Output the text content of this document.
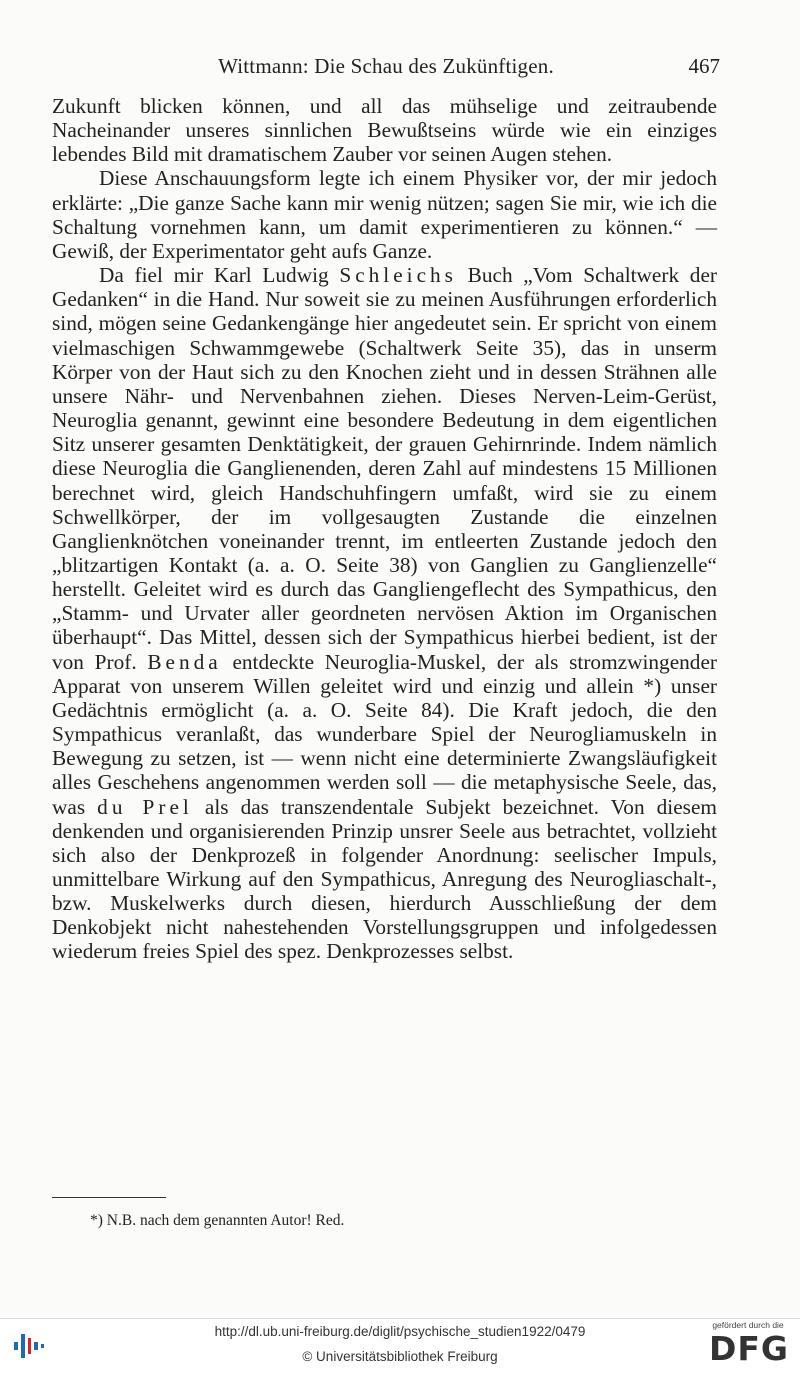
Wittmann: Die Schau des Zukünftigen.	467

Zukunft blicken können, und all das mühselige und zeitraubende Nacheinander unseres sinnlichen Bewußtseins würde wie ein einziges lebendes Bild mit dramatischem Zauber vor seinen Augen stehen.

Diese Anschauungsform legte ich einem Physiker vor, der mir jedoch erklärte: „Die ganze Sache kann mir wenig nützen; sagen Sie mir, wie ich die Schaltung vornehmen kann, um damit experimentieren zu können.“ — Gewiß, der Experimentator geht aufs Ganze.

Da fiel mir Karl Ludwig Schleichs Buch „Vom Schaltwerk der Gedanken“ in die Hand. Nur soweit sie zu meinen Ausführungen erforderlich sind, mögen seine Gedankengänge hier angedeutet sein. Er spricht von einem vielmaschigen Schwammgewebe (Schaltwerk Seite 35), das in unserm Körper von der Haut sich zu den Knochen zieht und in dessen Strähnen alle unsere Nähr- und Nervenbahnen ziehen. Dieses Nerven-Leim-Gerüst, Neuroglia genannt, gewinnt eine besondere Bedeutung in dem eigentlichen Sitz unserer gesamten Denktätigkeit, der grauen Gehirnrinde. Indem nämlich diese Neuroglia die Ganglienenden, deren Zahl auf mindestens 15 Millionen berechnet wird, gleich Handschuhfingern umfaßt, wird sie zu einem Schwellkörper, der im vollgesaugten Zustande die einzelnen Ganglienknötchen voneinander trennt, im entleerten Zustande jedoch den „blitzartigen Kontakt (a. a. O. Seite 38) von Ganglien zu Ganglienzelle“ herstellt. Geleitet wird es durch das Gangliengeflecht des Sympathicus, den „Stamm- und Urvater aller geordneten nervösen Aktion im Organischen überhaupt“. Das Mittel, dessen sich der Sympathicus hierbei bedient, ist der von Prof. Benda entdeckte Neuroglia-Muskel, der als stromzwingender Apparat von unserem Willen geleitet wird und einzig und allein *) unser Gedächtnis ermöglicht (a. a. O. Seite 84). Die Kraft jedoch, die den Sympathicus veranlaßt, das wunderbare Spiel der Neurogliamuskeln in Bewegung zu setzen, ist — wenn nicht eine determinierte Zwangsläufigkeit alles Geschehens angenommen werden soll — die metaphysische Seele, das, was du Prel als das transzendentale Subjekt bezeichnet. Von diesem denkenden und organisierenden Prinzip unsrer Seele aus betrachtet, vollzieht sich also der Denkprozeß in folgender Anordnung: seelischer Impuls, unmittelbare Wirkung auf den Sympathicus, Anregung des Neurogliaschalt-, bzw. Muskelwerks durch diesen, hierdurch Ausschließung der dem Denkobjekt nicht nahestehenden Vorstellungsgruppen und infolgedessen wiederum freies Spiel des spez. Denkprozesses selbst.

*) N.B. nach dem genannten Autor! Red.
http://dl.ub.uni-freiburg.de/diglit/psychische_studien1922/0479
© Universitätsbibliothek Freiburg
gefördert durch die
DFG
